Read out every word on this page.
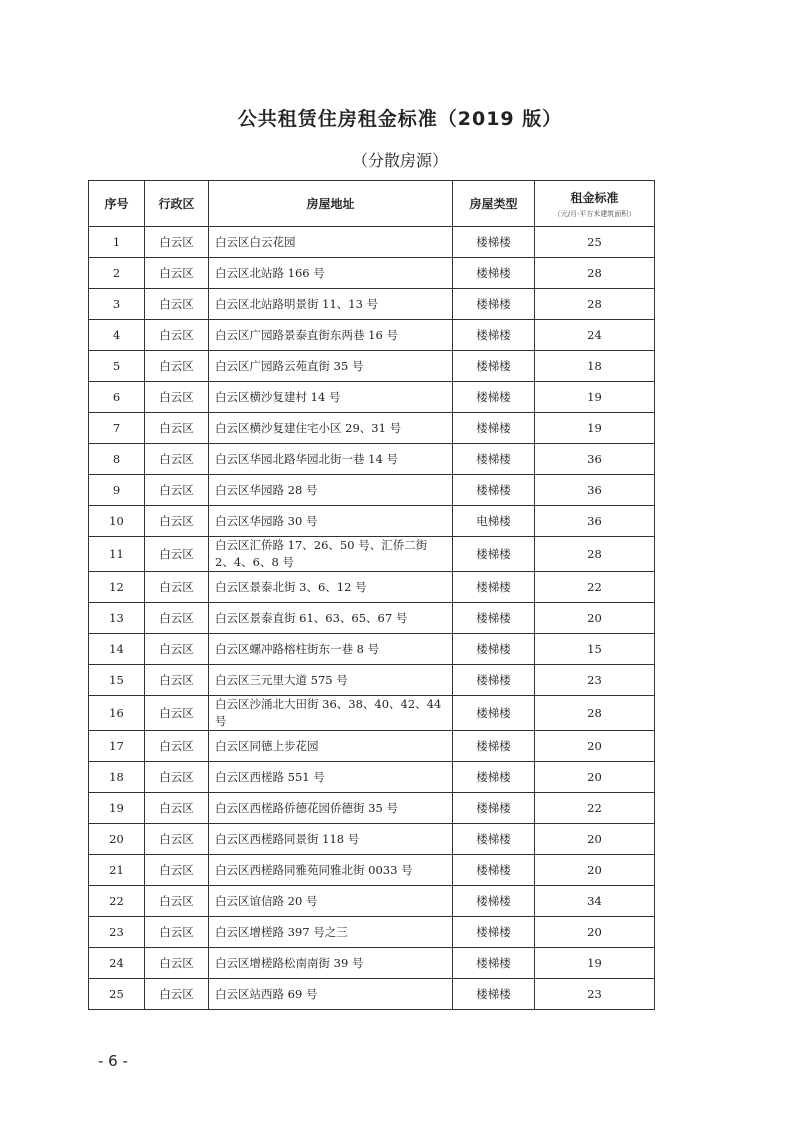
公共租赁住房租金标准（2019 版）
（分散房源）
序号	行政区	房屋地址	房屋类型	租金标准
（元/月·平方米建筑面积）

1	白云区	白云区白云花园	楼梯楼	25
2	白云区	白云区北站路 166 号	楼梯楼	28
3	白云区	白云区北站路明景街 11、13 号	楼梯楼	28
4	白云区	白云区广园路景泰直街东两巷 16 号	楼梯楼	24
5	白云区	白云区广园路云苑直街 35 号	楼梯楼	18
6	白云区	白云区横沙复建村 14 号	楼梯楼	19
7	白云区	白云区横沙复建住宅小区 29、31 号	楼梯楼	19
8	白云区	白云区华园北路华园北街一巷 14 号	楼梯楼	36
9	白云区	白云区华园路 28 号	楼梯楼	36
10	白云区	白云区华园路 30 号	电梯楼	36
11	白云区	白云区汇侨路 17、26、50 号、汇侨二街 2、4、6、8 号	楼梯楼	28
12	白云区	白云区景泰北街 3、6、12 号	楼梯楼	22
13	白云区	白云区景泰直街 61、63、65、67 号	楼梯楼	20
14	白云区	白云区螺冲路榕柱街东一巷 8 号	楼梯楼	15
15	白云区	白云区三元里大道 575 号	楼梯楼	23
16	白云区	白云区沙涌北大田街 36、38、40、42、44 号	楼梯楼	28
17	白云区	白云区同德上步花园	楼梯楼	20
18	白云区	白云区西槎路 551 号	楼梯楼	20
19	白云区	白云区西槎路侨德花园侨德街 35 号	楼梯楼	22
20	白云区	白云区西槎路同景街 118 号	楼梯楼	20
21	白云区	白云区西槎路同雅苑同雅北街 0033 号	楼梯楼	20
22	白云区	白云区谊信路 20 号	楼梯楼	34
23	白云区	白云区增槎路 397 号之三	楼梯楼	20
24	白云区	白云区增槎路松南南街 39 号	楼梯楼	19
25	白云区	白云区站西路 69 号	楼梯楼	23
- 6 -
